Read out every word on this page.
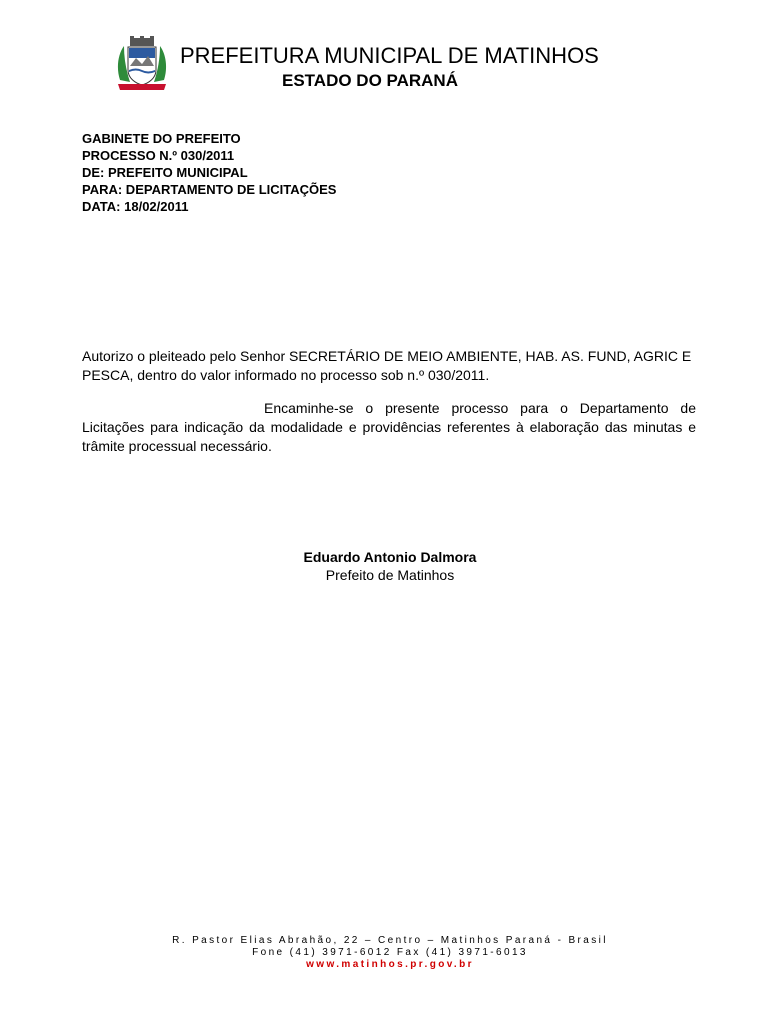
PREFEITURA MUNICIPAL DE MATINHOS
ESTADO DO PARANÁ
GABINETE DO PREFEITO
PROCESSO N.º 030/2011
DE: PREFEITO MUNICIPAL
PARA: DEPARTAMENTO DE LICITAÇÕES
DATA: 18/02/2011
Autorizo o pleiteado pelo Senhor SECRETÁRIO DE MEIO AMBIENTE, HAB. AS. FUND, AGRIC E PESCA, dentro do valor informado no processo sob n.º 030/2011.
Encaminhe-se o presente processo para o Departamento de Licitações para indicação da modalidade e providências referentes à elaboração das minutas e trâmite processual necessário.
Eduardo Antonio Dalmora
Prefeito de Matinhos
R. Pastor Elias Abrahão, 22 – Centro – Matinhos Paraná - Brasil
Fone (41) 3971-6012 Fax (41) 3971-6013
www.matinhos.pr.gov.br
